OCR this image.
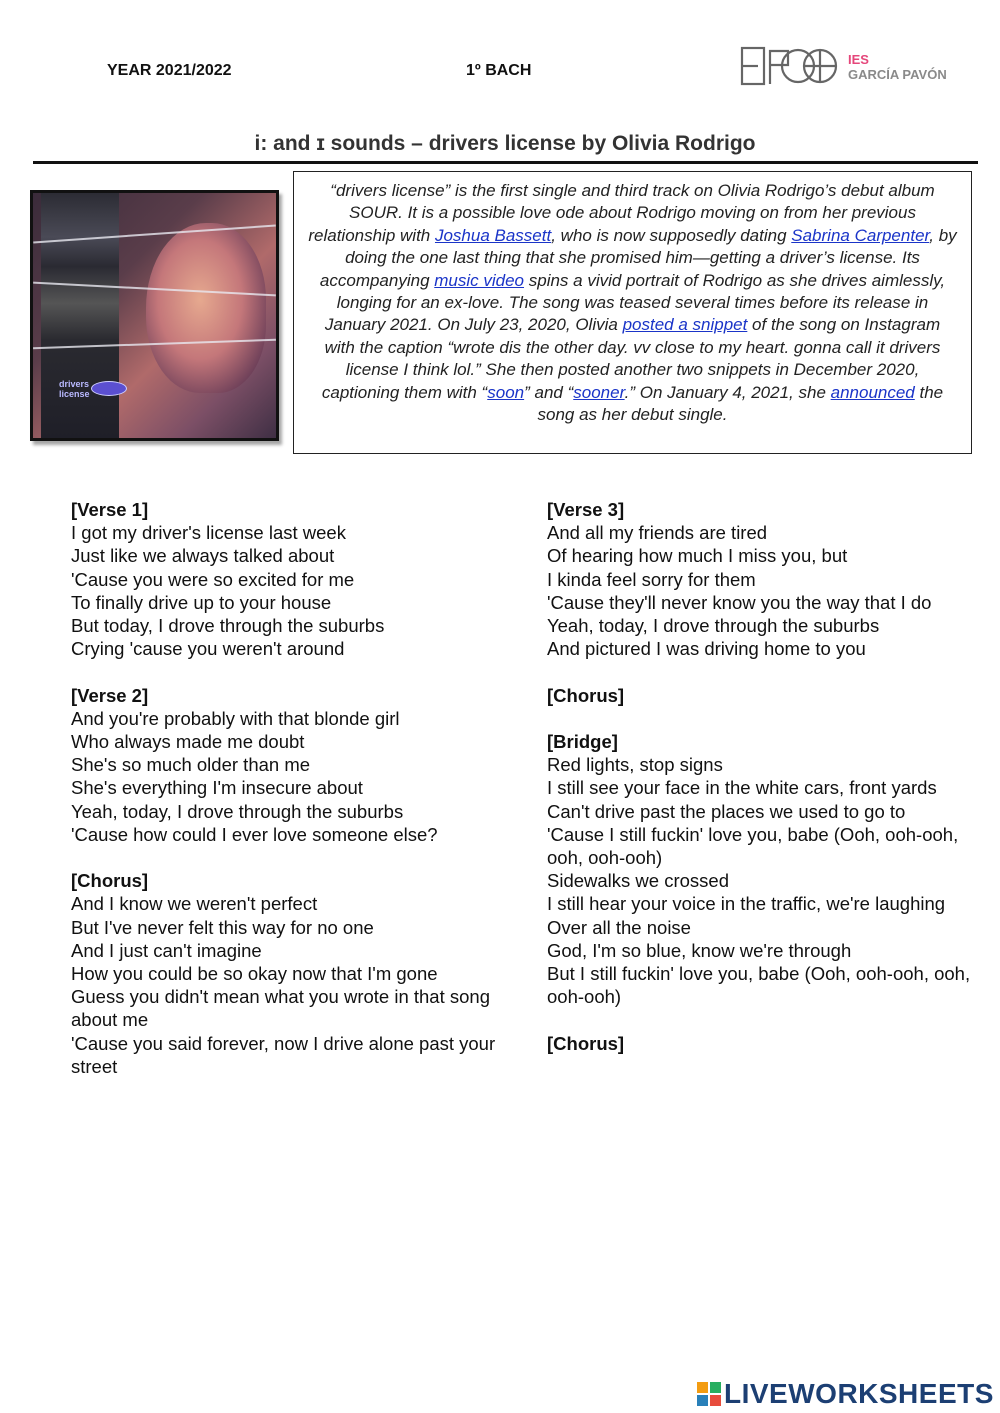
YEAR 2021/2022	1º BACH
IES
GARCÍA PAVÓN
i: and ɪ sounds – drivers license by Olivia Rodrigo
drivers
license
“drivers license” is the first single and third track on Olivia Rodrigo’s debut album SOUR. It is a possible love ode about Rodrigo moving on from her previous relationship with Joshua Bassett, who is now supposedly dating Sabrina Carpenter, by doing the one last thing that she promised him—getting a driver’s license. Its accompanying music video spins a vivid portrait of Rodrigo as she drives aimlessly, longing for an ex-love. The song was teased several times before its release in January 2021. On July 23, 2020, Olivia posted a snippet of the song on Instagram with the caption “wrote dis the other day. vv close to my heart. gonna call it drivers license I think lol.” She then posted another two snippets in December 2020, captioning them with “soon” and “sooner.” On January 4, 2021, she announced the song as her debut single.
[Verse 1]
I got my driver's license last week
Just like we always talked about
'Cause you were so excited for me
To finally drive up to your house
But today, I drove through the suburbs
Crying 'cause you weren't around
[Verse 2]
And you're probably with that blonde girl
Who always made me doubt
She's so much older than me
She's everything I'm insecure about
Yeah, today, I drove through the suburbs
'Cause how could I ever love someone else?
[Chorus]
And I know we weren't perfect
But I've never felt this way for no one
And I just can't imagine
How you could be so okay now that I'm gone
Guess you didn't mean what you wrote in that song about me
'Cause you said forever, now I drive alone past your street
[Verse 3]
And all my friends are tired
Of hearing how much I miss you, but
I kinda feel sorry for them
'Cause they'll never know you the way that I do
Yeah, today, I drove through the suburbs
And pictured I was driving home to you
[Chorus]
[Bridge]
Red lights, stop signs
I still see your face in the white cars, front yards
Can't drive past the places we used to go to
'Cause I still fuckin' love you, babe (Ooh, ooh-ooh, ooh, ooh-ooh)
Sidewalks we crossed
I still hear your voice in the traffic, we're laughing
Over all the noise
God, I'm so blue, know we're through
But I still fuckin' love you, babe (Ooh, ooh-ooh, ooh, ooh-ooh)
[Chorus]
LIVEWORKSHEETS
